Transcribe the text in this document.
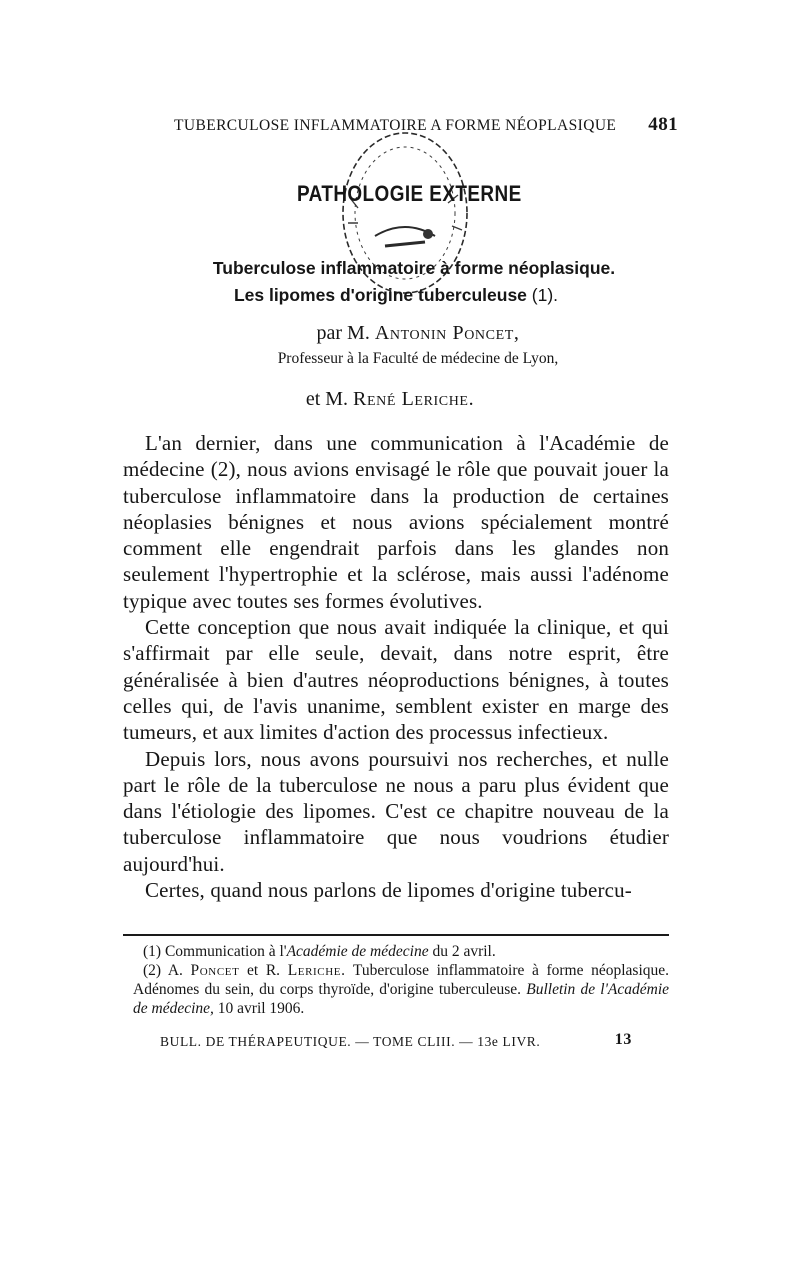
TUBERCULOSE INFLAMMATOIRE A FORME NÉOPLASIQUE 481
PATHOLOGIE EXTERNE
Tuberculose inflammatoire à forme néoplasique.
Les lipomes d'origine tuberculeuse (1).
par M. Antonin Poncet,
Professeur à la Faculté de médecine de Lyon,
et M. René Leriche.

L'an dernier, dans une communication à l'Académie de médecine (2), nous avions envisagé le rôle que pouvait jouer la tuberculose inflammatoire dans la production de certaines néoplasies bénignes et nous avions spécialement montré comment elle engendrait parfois dans les glandes non seulement l'hypertrophie et la sclérose, mais aussi l'adénome typique avec toutes ses formes évolutives.

Cette conception que nous avait indiquée la clinique, et qui s'affirmait par elle seule, devait, dans notre esprit, être généralisée à bien d'autres néoproductions bénignes, à toutes celles qui, de l'avis unanime, semblent exister en marge des tumeurs, et aux limites d'action des processus infectieux.

Depuis lors, nous avons poursuivi nos recherches, et nulle part le rôle de la tuberculose ne nous a paru plus évident que dans l'étiologie des lipomes. C'est ce chapitre nouveau de la tuberculose inflammatoire que nous voudrions étudier aujourd'hui.

Certes, quand nous parlons de lipomes d'origine tubercu-

(1) Communication à l'Académie de médecine du 2 avril.

(2) A. Poncet et R. Leriche. Tuberculose inflammatoire à forme néoplasique. Adénomes du sein, du corps thyroïde, d'origine tuberculeuse. Bulletin de l'Académie de médecine, 10 avril 1906.

BULL. DE THÉRAPEUTIQUE. — TOME CLIII. — 13e LIVR.	13
